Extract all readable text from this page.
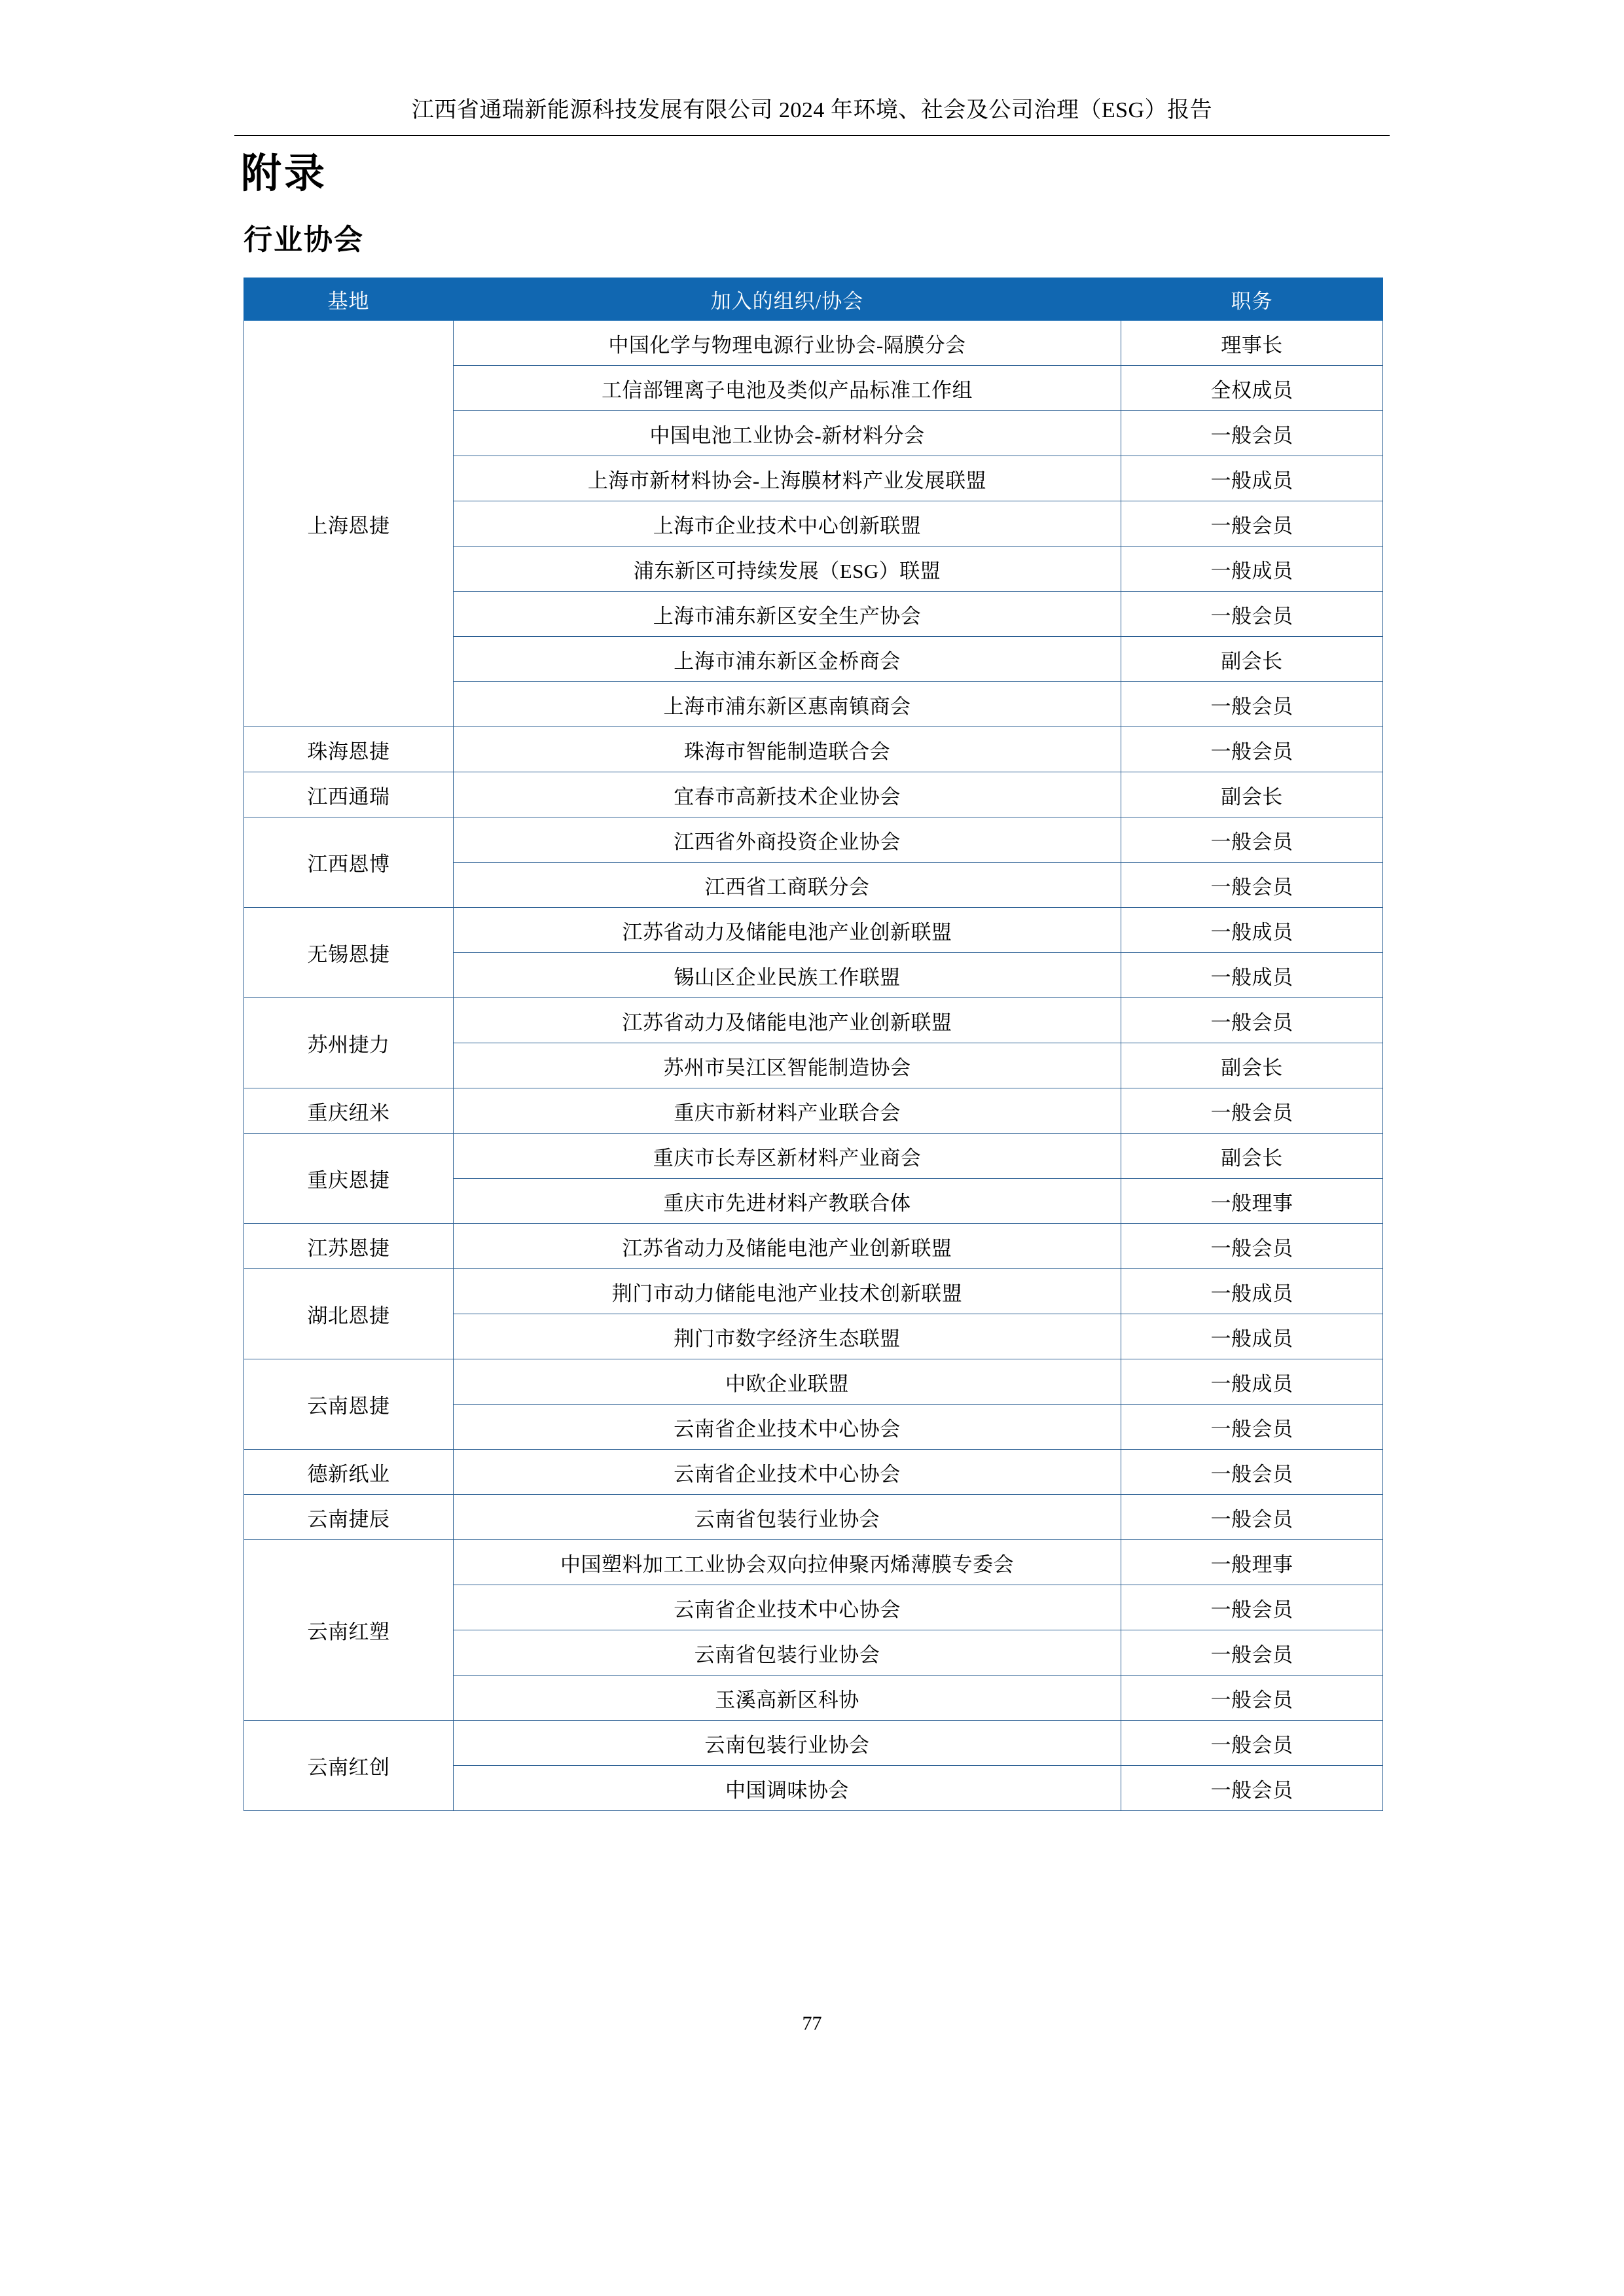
江西省通瑞新能源科技发展有限公司 2024 年环境、社会及公司治理（ESG）报告
附录
行业协会
基地	加入的组织/协会	职务
上海恩捷	中国化学与物理电源行业协会-隔膜分会	理事长
	工信部锂离子电池及类似产品标准工作组	全权成员
	中国电池工业协会-新材料分会	一般会员
	上海市新材料协会-上海膜材料产业发展联盟	一般成员
	上海市企业技术中心创新联盟	一般会员
	浦东新区可持续发展（ESG）联盟	一般成员
	上海市浦东新区安全生产协会	一般会员
	上海市浦东新区金桥商会	副会长
	上海市浦东新区惠南镇商会	一般会员
珠海恩捷	珠海市智能制造联合会	一般会员
江西通瑞	宜春市高新技术企业协会	副会长
江西恩博	江西省外商投资企业协会	一般会员
	江西省工商联分会	一般会员
无锡恩捷	江苏省动力及储能电池产业创新联盟	一般成员
	锡山区企业民族工作联盟	一般成员
苏州捷力	江苏省动力及储能电池产业创新联盟	一般会员
	苏州市吴江区智能制造协会	副会长
重庆纽米	重庆市新材料产业联合会	一般会员
重庆恩捷	重庆市长寿区新材料产业商会	副会长
	重庆市先进材料产教联合体	一般理事
江苏恩捷	江苏省动力及储能电池产业创新联盟	一般会员
湖北恩捷	荆门市动力储能电池产业技术创新联盟	一般成员
	荆门市数字经济生态联盟	一般成员
云南恩捷	中欧企业联盟	一般成员
	云南省企业技术中心协会	一般会员
德新纸业	云南省企业技术中心协会	一般会员
云南捷辰	云南省包装行业协会	一般会员
云南红塑	中国塑料加工工业协会双向拉伸聚丙烯薄膜专委会	一般理事
	云南省企业技术中心协会	一般会员
	云南省包装行业协会	一般会员
	玉溪高新区科协	一般会员
云南红创	云南包装行业协会	一般会员
	中国调味协会	一般会员
77
